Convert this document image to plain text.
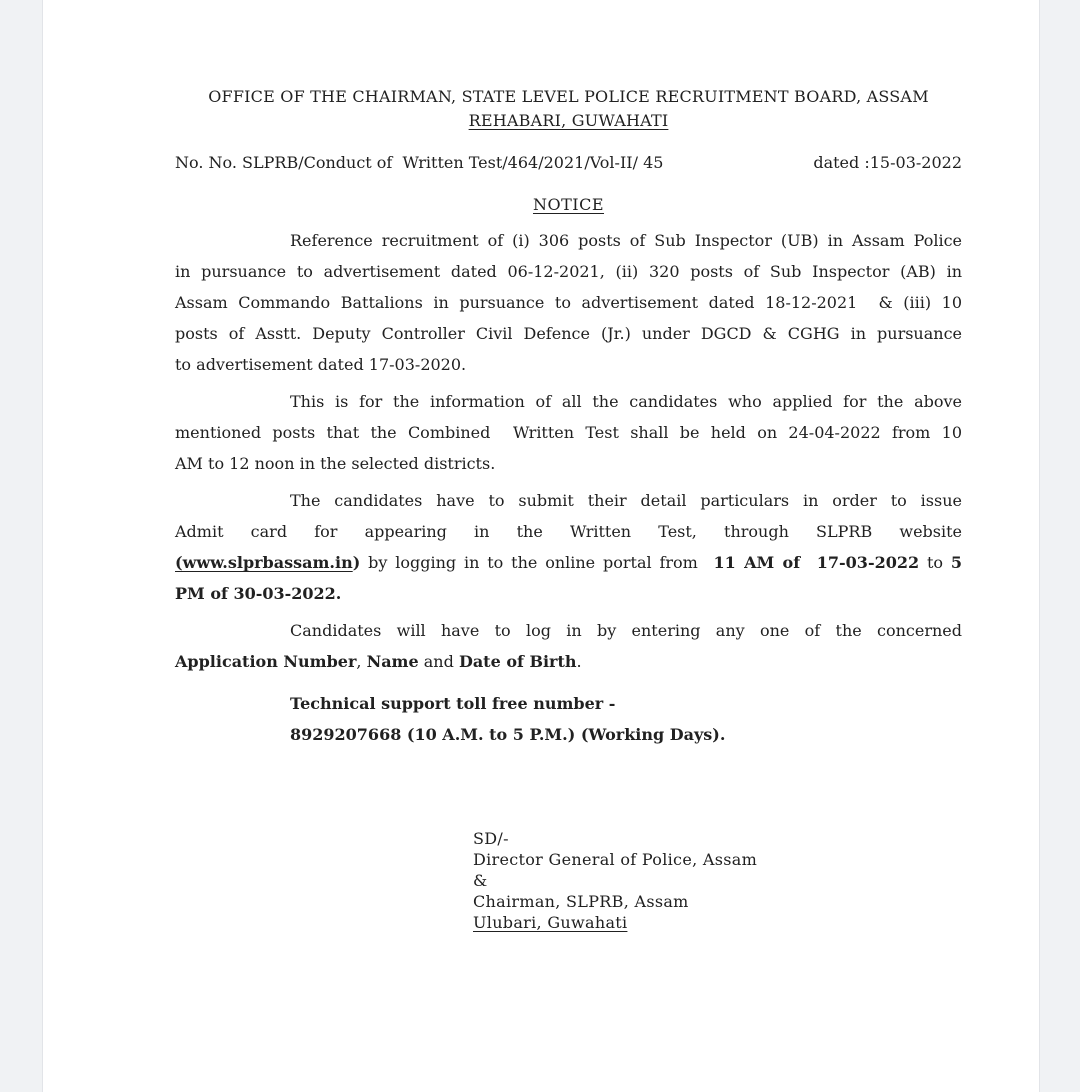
OFFICE OF THE CHAIRMAN, STATE LEVEL POLICE RECRUITMENT BOARD, ASSAM
REHABARI, GUWAHATI
No. No. SLPRB/Conduct of  Written Test/464/2021/Vol-II/ 45	dated :15-03-2022
NOTICE
Reference recruitment of (i) 306 posts of Sub Inspector (UB) in Assam Police
in pursuance to advertisement dated 06-12-2021, (ii) 320 posts of Sub Inspector (AB) in
Assam Commando Battalions in pursuance to advertisement dated 18-12-2021  & (iii) 10
posts of Asstt. Deputy Controller Civil Defence (Jr.) under DGCD & CGHG in pursuance
to advertisement dated 17-03-2020.
This is for the information of all the candidates who applied for the above
mentioned posts that the Combined  Written Test shall be held on 24-04-2022 from 10
AM to 12 noon in the selected districts.
The candidates have to submit their detail particulars in order to issue
Admit card for appearing in the Written Test, through SLPRB website
(www.slprbassam.in) by logging in to the online portal from  11 AM of  17-03-2022 to 5
PM of 30-03-2022.
Candidates will have to log in by entering any one of the concerned
Application Number, Name and Date of Birth.
Technical support toll free number -
8929207668 (10 A.M. to 5 P.M.) (Working Days).
SD/-
Director General of Police, Assam
&
Chairman, SLPRB, Assam
Ulubari, Guwahati
